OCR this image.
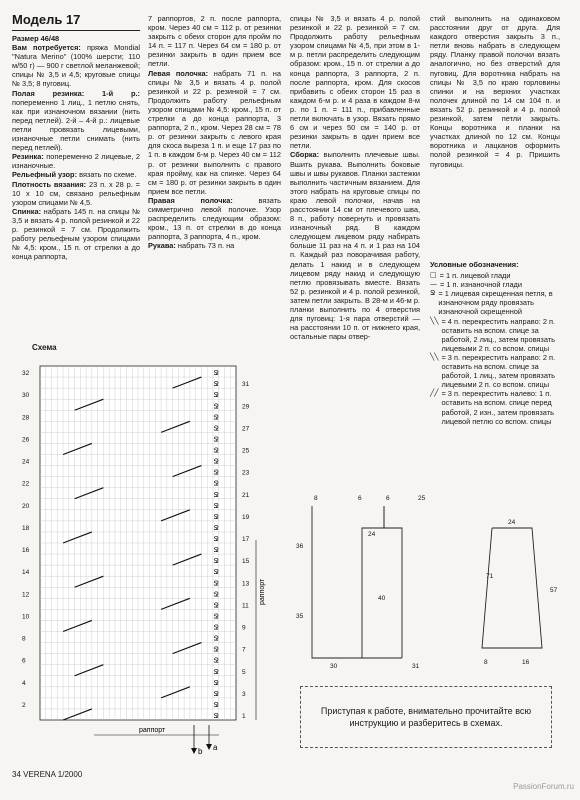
Модель 17

Размер 46/48

Вам потребуется: пряжа Mondial "Natura Merino" (100% шерсти; 110 м/50 г) — 900 г светлой меланжевой; спицы № 3,5 и 4,5; круговые спицы № 3,5; 8 пуговиц.

Полая резинка: 1-й р.: попеременно 1 лиц., 1 петлю снять, как при изнаночном вязании (нить перед петлей). 2-й – 4-й р.: лицевые петли провязать лицевыми, изнаночные петли снимать (нить перед петлей).

Резинка: попеременно 2 лицевые, 2 изнаночные.

Рельефный узор: вязать по схеме.

Плотность вязания: 23 п. x 28 р. = 10 x 10 см, связано рельефным узором спицами № 4,5.

Спинка: набрать 145 п. на спицы № 3,5 и вязать 4 р. полой резинкой и 22 р. резинкой = 7 см. Продолжить работу рельефным узором спицами № 4,5: кром., 15 п. от стрелки а до конца раппорта,

7 раппортов, 2 п. после раппорта, кром. Через 40 см = 112 р. от резинки закрыть с обеих сторон для пройм по 14 п. = 117 п. Через 64 см = 180 р. от резинки закрыть в один прием все петли.

Левая полочка: набрать 71 п. на спицы № 3,5 и вязать 4 р. полой резинкой и 22 р. резинкой = 7 см. Продолжить работу рельефным узором спицами № 4,5: кром., 15 п. от стрелки а до конца раппорта, 3 раппорта, 2 п., кром. Через 28 см = 78 р. от резинки закрыть с левого края для скоса выреза 1 п. и еще 17 раз по 1 п. в каждом 6-м р. Через 40 см = 112 р. от резинки выполнить с правого края пройму, как на спинке. Через 64 см = 180 р. от резинки закрыть в один прием все петли.

Правая полочка: вязать симметрично левой полочке. Узор распределить следующим образом: кром., 13 п. от стрелки в до конца раппорта, 3 раппорта, 4 п., кром.

Рукава: набрать 73 п. на

спицы № 3,5 и вязать 4 р. полой резинкой и 22 р. резинкой = 7 см. Продолжить работу рельефным узором спицами № 4,5, при этом в 1-м р. петли распределить следующим образом: кром., 15 п. от стрелки а до конца раппорта, 3 раппорта, 2 п. после раппорта, кром. Для скосов прибавить с обеих сторон 15 раз в каждом 6-м р. и 4 раза в каждом 8-м р. по 1 п. = 111 п., прибавленные петли включать в узор. Вязать прямо 6 см и через 50 см = 140 р. от резинки закрыть в один прием все петли.

Сборка: выполнить плечевые швы. Вшить рукава. Выполнить боковые швы и швы рукавов. Планки застежки выполнить частичным вязанием. Для этого набрать на круговые спицы по краю левой полочки, начав на расстоянии 14 см от плечевого шва, 8 п., работу повернуть и провязать изнаночный ряд. В каждом следующем лицевом ряду набирать больше 11 раз на 4 п. и 1 раз на 104 п. Каждый раз поворачивая работу, делать 1 накид и в следующем лицевом ряду накид и следующую петлю провязывать вместе. Вязать 52 р. резинкой и 4 р. полой резинкой, затем петли закрыть. В 28-м и 46-м р. планки выполнить по 4 отверстия для пуговиц: 1-я пара отверстий — на расстоянии 10 п. от нижнего края, остальные пары отвер-

стий выполнить на одинаковом расстоянии друг от друга. Для каждого отверстия закрыть 3 п., петли вновь набрать в следующем ряду. Планку правой полочки вязать аналогично, но без отверстий для пуговиц. Для воротника набрать на спицы № 3,5 по краю горловины спинки и на верхних участках полочек длиной по 14 см 104 п. и вязать 52 р. резинкой и 4 р. полой резинкой, затем петли закрыть. Концы воротника и планки на участках длиной по 12 см. Концы воротника и лацканов оформить полой резинкой = 4 р. Пришить пуговицы.

Условные обозначения:
□ = 1 п. лицевой глади
— = 1 п. изнаночной глади
Ջ = 1 лицевая скрещенная петля, в изнаночном ряду провязать изнаночной скрещенной
╲╲ = 4 п. перекрестить направо: 2 п. оставить на вспом. спице за работой, 2 лиц., затем провязать лицевыми 2 п. со вспом. спицы
╲╲ = 3 п. перекрестить направо: 2 п. оставить на вспом. спице за работой, 1 лиц., затем провязать лицевыми 2 п. со вспом. спицы
╱╱ = 3 п. перекрестить налево: 1 п. оставить на вспом. спице перед работой, 2 изн., затем провязать лицевой петлю со вспом. спицы
Схема
Ջ
Ջ
Ջ
Ջ
Ջ
Ջ
Ջ
Ջ
Ջ
Ջ
Ջ
Ջ
Ջ
Ջ
Ջ
Ջ
Ջ
Ջ
Ջ
Ջ
Ջ
Ջ
Ջ
Ջ
Ջ
Ջ
Ջ
Ջ
Ջ
Ջ
Ջ
Ջ
32
30
28
26
24
22
20
18
16
14
12
10
8
6
4
2
31
29
27
25
23
21
19
17
15
13
11
9
7
5
3
1
раппорт
раппорт
b a
8	6	6	25
36
24
40
35
30	31
24
57
71
16
8
Приступая к работе, внимательно прочитайте всю инструкцию и разберитесь в схемах.
34 VERENA 1/2000
PassionForum.ru
